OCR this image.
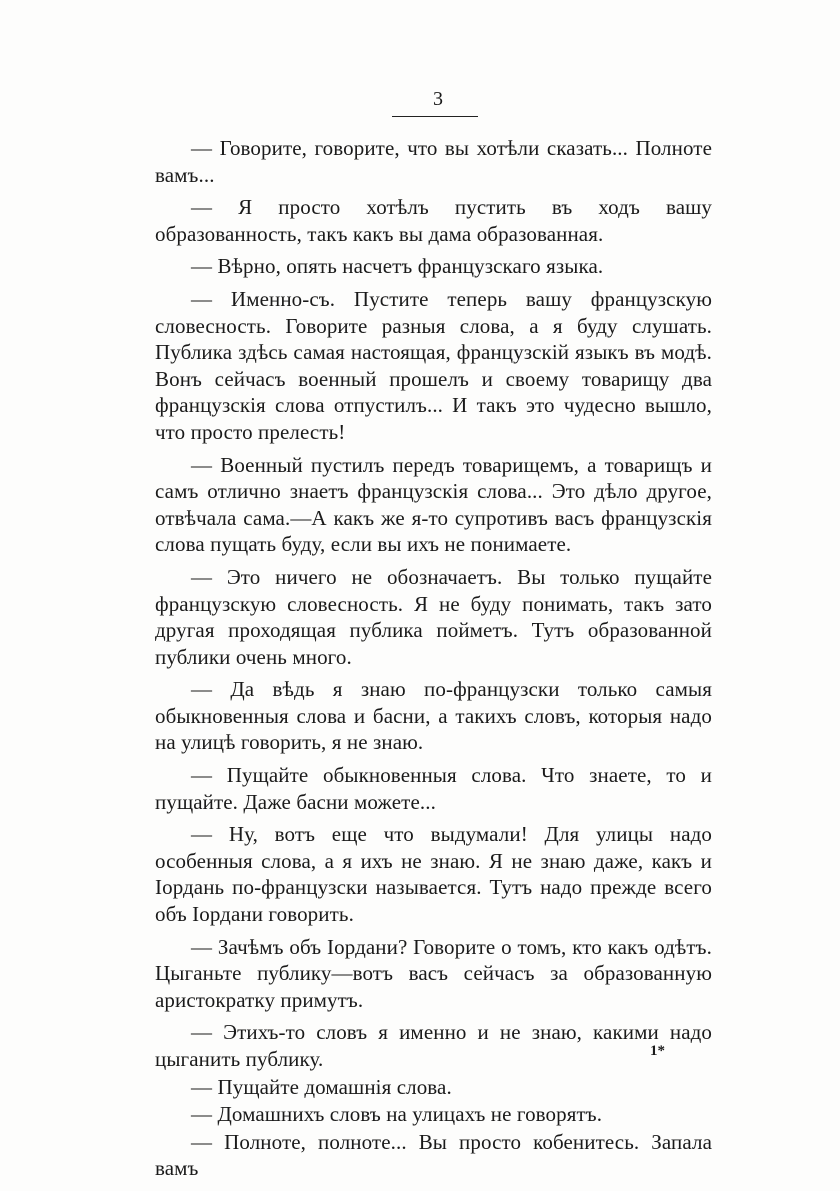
3

— Говорите, говорите, что вы хотѣли сказать... Полноте вамъ...

— Я просто хотѣлъ пустить въ ходъ вашу образованность, такъ какъ вы дама образованная.

— Вѣрно, опять насчетъ французскаго языка.

— Именно-съ. Пустите теперь вашу французскую словесность. Говорите разныя слова, а я буду слушать. Публика здѣсь самая настоящая, французскій языкъ въ модѣ. Вонъ сейчасъ военный прошелъ и своему товарищу два французскія слова отпустилъ... И такъ это чудесно вышло, что просто прелесть!

— Военный пустилъ передъ товарищемъ, а товарищъ и самъ отлично знаетъ французскія слова... Это дѣло другое, отвѣчала сама.—А какъ же я-то супротивъ васъ французскія слова пущать буду, если вы ихъ не понимаете.

— Это ничего не обозначаетъ. Вы только пущайте французскую словесность. Я не буду понимать, такъ зато другая проходящая публика пойметъ. Тутъ образованной публики очень много.

— Да вѣдь я знаю по-французски только самыя обыкновенныя слова и басни, а такихъ словъ, которыя надо на улицѣ говорить, я не знаю.

— Пущайте обыкновенныя слова. Что знаете, то и пущайте. Даже басни можете...

— Ну, вотъ еще что выдумали! Для улицы надо особенныя слова, а я ихъ не знаю. Я не знаю даже, какъ и Іордань по-французски называется. Тутъ надо прежде всего объ Іордани говорить.

— Зачѣмъ объ Іордани? Говорите о томъ, кто какъ одѣтъ. Цыганьте публику—вотъ васъ сейчасъ за образованную аристократку примутъ.

— Этихъ-то словъ я именно и не знаю, какими надо цыганить публику.

— Пущайте домашнія слова.

— Домашнихъ словъ на улицахъ не говорятъ.

— Полноте, полноте... Вы просто кобенитесь. Запала вамъ

1*
